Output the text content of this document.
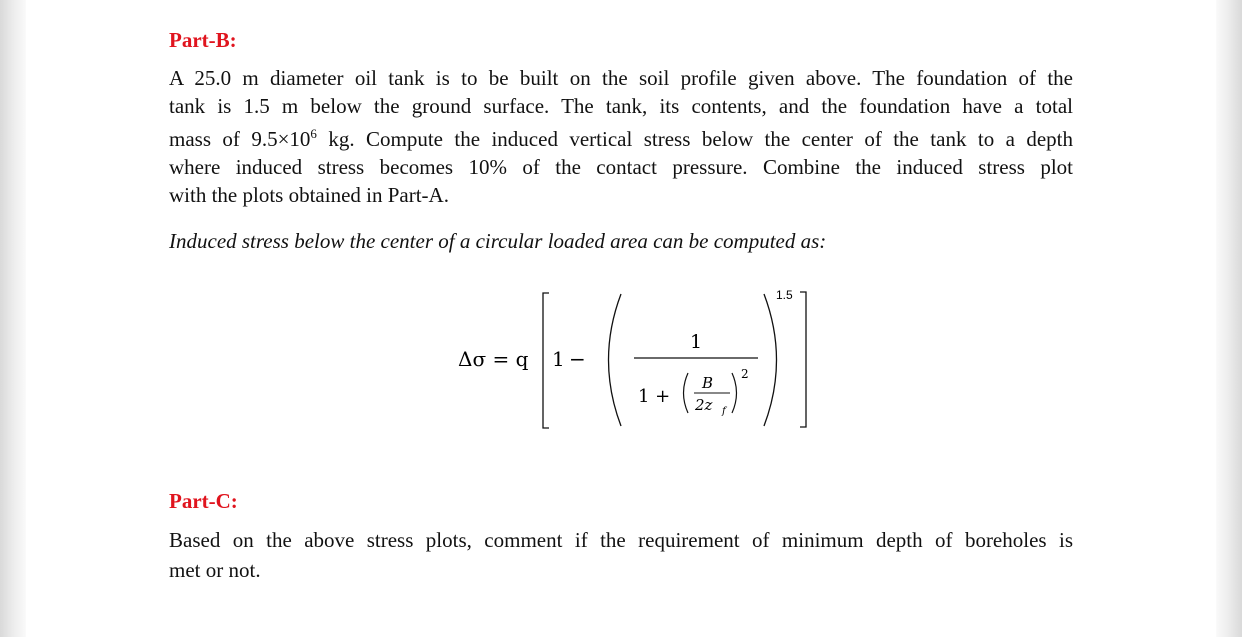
Part-B:
A 25.0 m diameter oil tank is to be built on the soil profile given above. The foundation of the
tank is 1.5 m below the ground surface. The tank, its contents, and the foundation have a total
mass of $9.5\times 10^6$ kg. Compute the induced vertical stress below the center of the tank to a depth
where induced stress becomes 10% of the contact pressure. Combine the induced stress plot
with the plots obtained in Part-A.
Induced stress below the center of a circular loaded area can be computed as:
Δσ = q 1 −
1
1 +
B
2z f
2
1.5
Part-C:
Based on the above stress plots, comment if the requirement of minimum depth of boreholes is
met or not.
